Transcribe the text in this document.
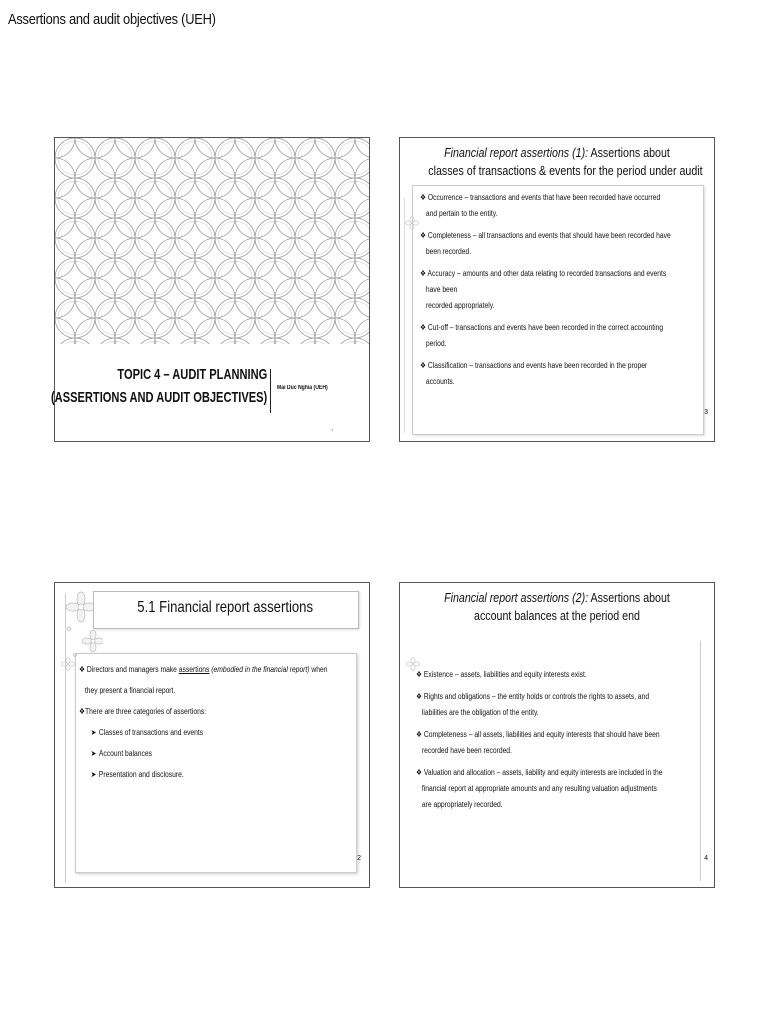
Assertions and audit objectives (UEH)
TOPIC 4 – AUDIT PLANNING
(ASSERTIONS AND AUDIT OBJECTIVES)
Mai Duc Nghia (UEH)
1
Financial report assertions (1): Assertions about
classes of transactions & events for the period under audit
❖ Occurrence – transactions and events that have been recorded have occurred
and pertain to the entity.
❖ Completeness – all transactions and events that should have been recorded have
been recorded.
❖ Accuracy – amounts and other data relating to recorded transactions and events
have been
recorded appropriately.
❖ Cut-off – transactions and events have been recorded in the correct accounting
period.
❖ Classification – transactions and events have been recorded in the proper
accounts.
3
5.1 Financial report assertions
❖ Directors and managers make assertions (embodied in the financial report) when
they present a financial report.
❖There are three categories of assertions:
➤ Classes of transactions and events
➤ Account balances
➤ Presentation and disclosure.
2
Financial report assertions (2): Assertions about
account balances at the period end
❖ Existence – assets, liabilities and equity interests exist.
❖ Rights and obligations – the entity holds or controls the rights to assets, and
liabilities are the obligation of the entity.
❖ Completeness – all assets, liabilities and equity interests that should have been
recorded have been recorded.
❖ Valuation and allocation – assets, liability and equity interests are included in the
financial report at appropriate amounts and any resulting valuation adjustments
are appropriately recorded.
4
